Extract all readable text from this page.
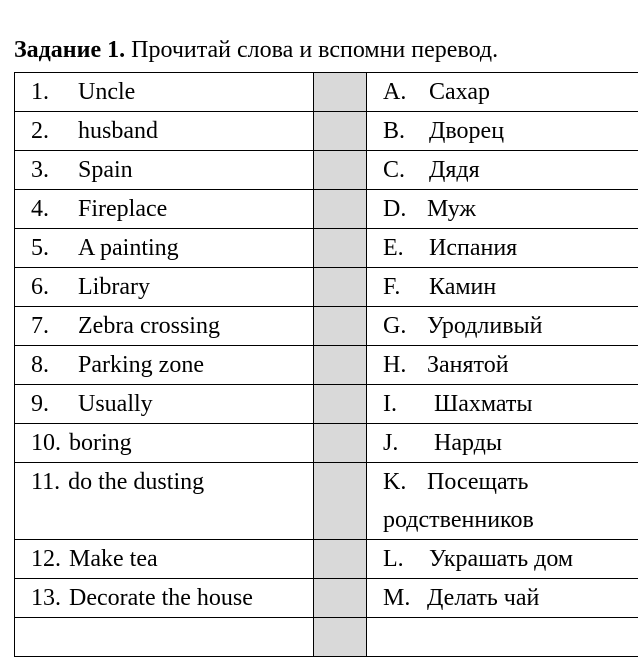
Задание 1. Прочитай слова и вспомни перевод.
1. Uncle		A. Сахар
2. husband		B. Дворец
3. Spain		C. Дядя
4. Fireplace		D. Муж
5. A painting		E. Испания
6. Library		F. Камин
7. Zebra crossing		G. Уродливый
8. Parking zone		H. Занятой
9. Usually		I. Шахматы
10. boring		J. Нарды
11. do the dusting		K. Посещать
родственников
12. Make tea		L. Украшать дом
13. Decorate the house		M. Делать чай
